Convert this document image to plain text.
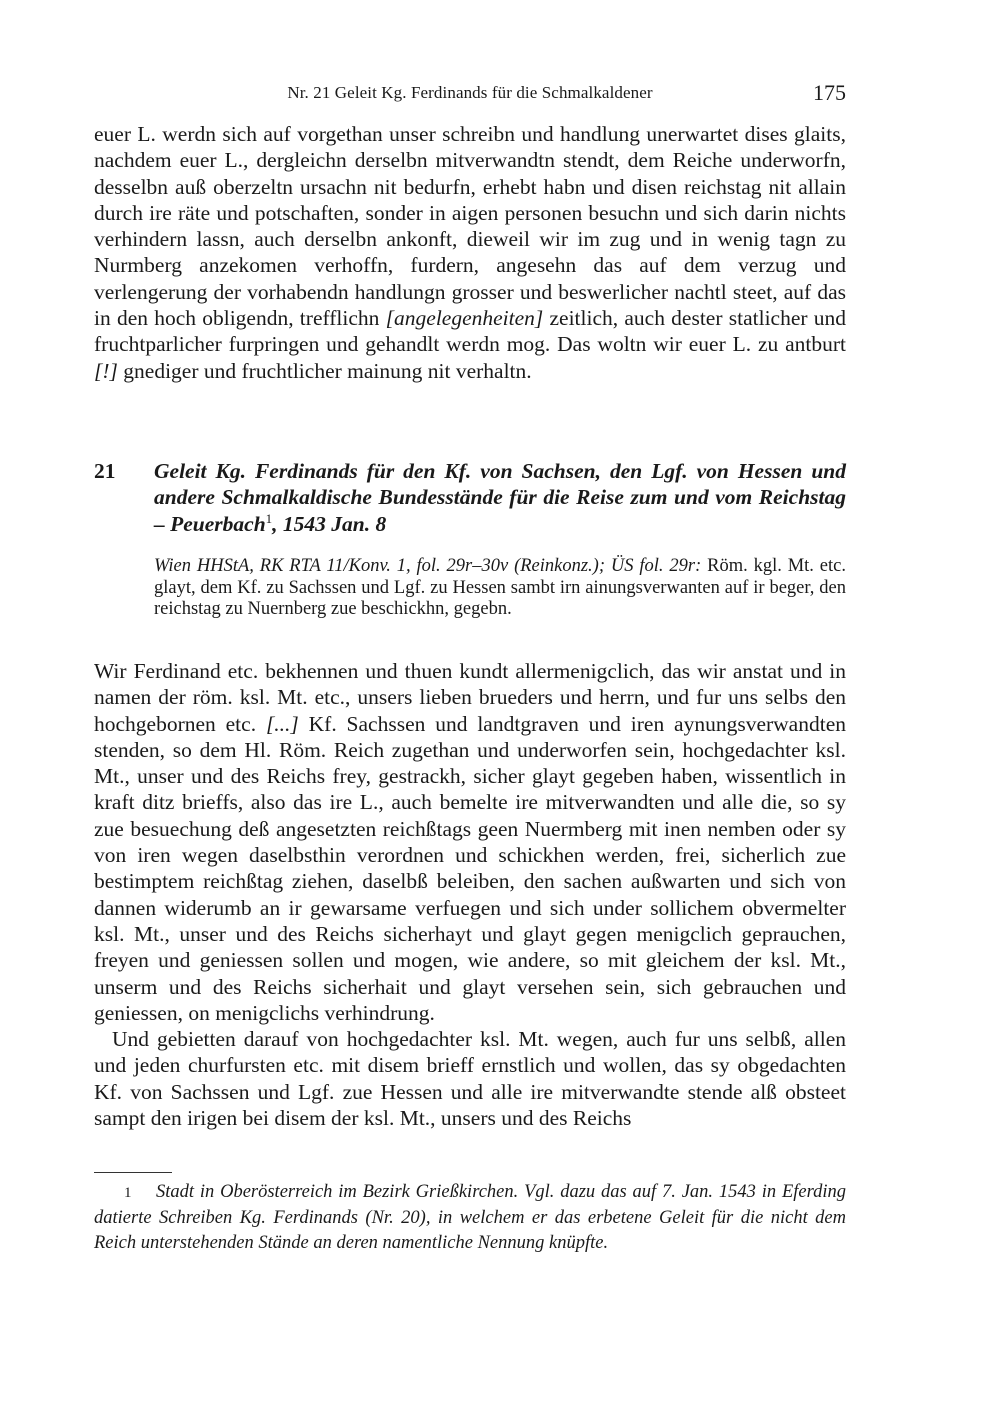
Nr. 21 Geleit Kg. Ferdinands für die Schmalkaldener	175

euer L. werdn sich auf vorgethan unser schreibn und handlung unerwartet dises glaits, nachdem euer L., dergleichn derselbn mitverwandtn stendt, dem Reiche underworfn, desselbn auß oberzeltn ursachn nit bedurfn, erhebt habn und disen reichstag nit allain durch ire räte und potschaften, sonder in aigen personen besuchn und sich darin nichts verhindern lassn, auch derselbn ankonft, dieweil wir im zug und in wenig tagn zu Nurmberg anzekomen verhoffn, furdern, angesehn das auf dem verzug und verlengerung der vorhabendn handlungn grosser und beswerlicher nachtl steet, auf das in den hoch obligendn, trefflichn [angelegenheiten] zeitlich, auch dester statlicher und fruchtparlicher furpringen und gehandlt werdn mog. Das woltn wir euer L. zu antburt [!] gnediger und fruchtlicher mainung nit verhaltn.

21 Geleit Kg. Ferdinands für den Kf. von Sachsen, den Lgf. von Hessen und andere Schmalkaldische Bundesstände für die Reise zum und vom Reichstag – Peuerbach$^1$, 1543 Jan. 8
Wien HHStA, RK RTA 11/Konv. 1, fol. 29r–30v (Reinkonz.); ÜS fol. 29r: Röm. kgl. Mt. etc. glayt, dem Kf. zu Sachssen und Lgf. zu Hessen sambt irn ainungsverwanten auf ir beger, den reichstag zu Nuernberg zue beschickhn, gegebn.

Wir Ferdinand etc. bekhennen und thuen kundt allermenigclich, das wir anstat und in namen der röm. ksl. Mt. etc., unsers lieben brueders und herrn, und fur uns selbs den hochgebornen etc. [...] Kf. Sachssen und landtgraven und iren aynungsverwandten stenden, so dem Hl. Röm. Reich zugethan und underworfen sein, hochgedachter ksl. Mt., unser und des Reichs frey, gestrackh, sicher glayt gegeben haben, wissentlich in kraft ditz brieffs, also das ire L., auch bemelte ire mitverwandten und alle die, so sy zue besuechung deß angesetzten reichßtags geen Nuermberg mit inen nemben oder sy von iren wegen daselbsthin verordnen und schickhen werden, frei, sicherlich zue bestimptem reichßtag ziehen, daselbß beleiben, den sachen außwarten und sich von dannen widerumb an ir gewarsame verfuegen und sich under sollichem obvermelter ksl. Mt., unser und des Reichs sicherhayt und glayt gegen menigclich geprauchen, freyen und geniessen sollen und mogen, wie andere, so mit gleichem der ksl. Mt., unserm und des Reichs sicherhait und glayt versehen sein, sich gebrauchen und geniessen, on menigclichs verhindrung.

Und gebietten darauf von hochgedachter ksl. Mt. wegen, auch fur uns selbß, allen und jeden churfursten etc. mit disem brieff ernstlich und wollen, das sy obgedachten Kf. von Sachssen und Lgf. zue Hessen und alle ire mitverwandte stende alß obsteet sampt den irigen bei disem der ksl. Mt., unsers und des Reichs

1 Stadt in Oberösterreich im Bezirk Grießkirchen. Vgl. dazu das auf 7. Jan. 1543 in Eferding datierte Schreiben Kg. Ferdinands (Nr. 20), in welchem er das erbetene Geleit für die nicht dem Reich unterstehenden Stände an deren namentliche Nennung knüpfte.
